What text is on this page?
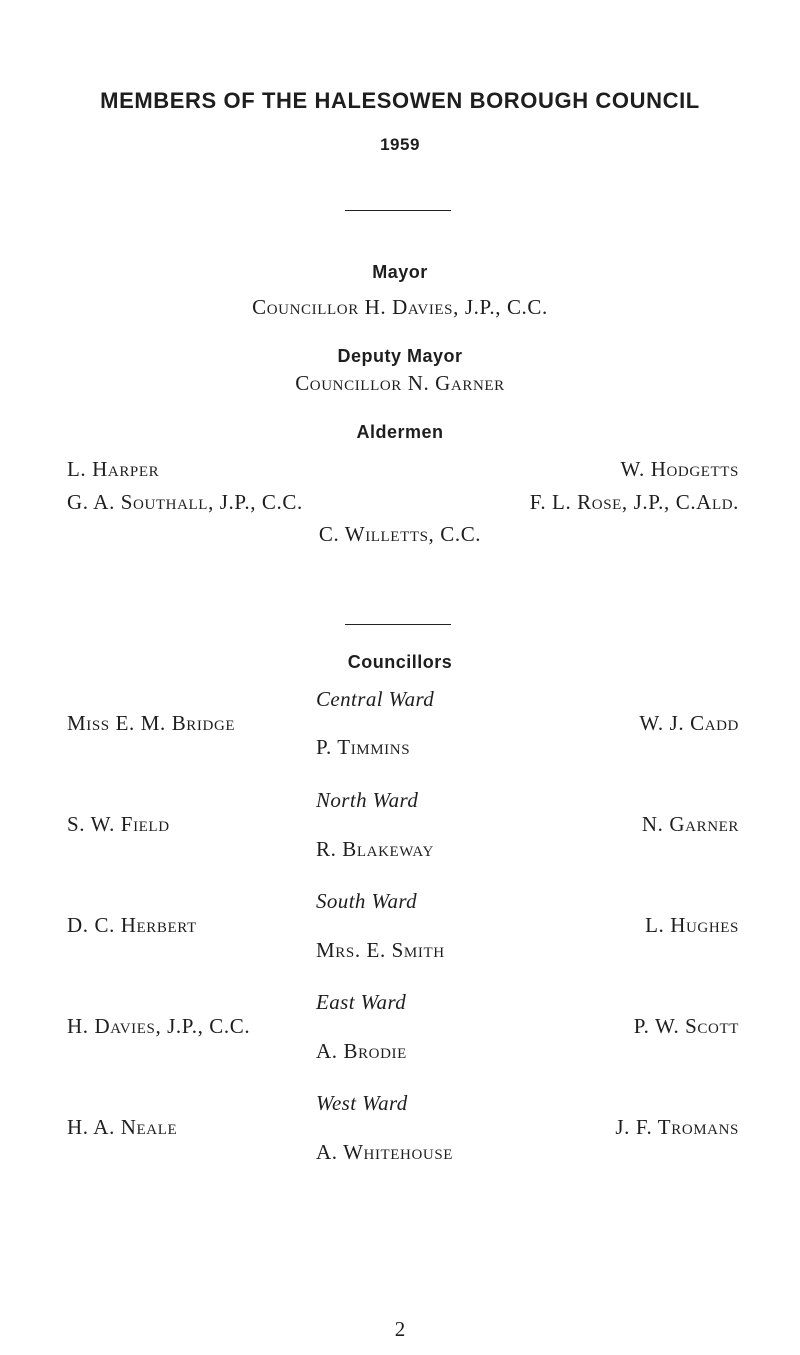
MEMBERS OF THE HALESOWEN BOROUGH COUNCIL
1959
Mayor
Councillor H. Davies, J.P., C.C.
Deputy Mayor
Councillor N. Garner
Aldermen
L. Harper	W. Hodgetts
G. A. Southall, J.P., C.C.	F. L. Rose, J.P., C.Ald.
C. Willetts, C.C.
Councillors
Central Ward
Miss E. M. Bridge
P. Timmins
W. J. Cadd
North Ward
S. W. Field
R. Blakeway
N. Garner
South Ward
D. C. Herbert
Mrs. E. Smith
L. Hughes
East Ward
H. Davies, J.P., C.C.
A. Brodie
P. W. Scott
West Ward
H. A. Neale
A. Whitehouse
J. F. Tromans
2
